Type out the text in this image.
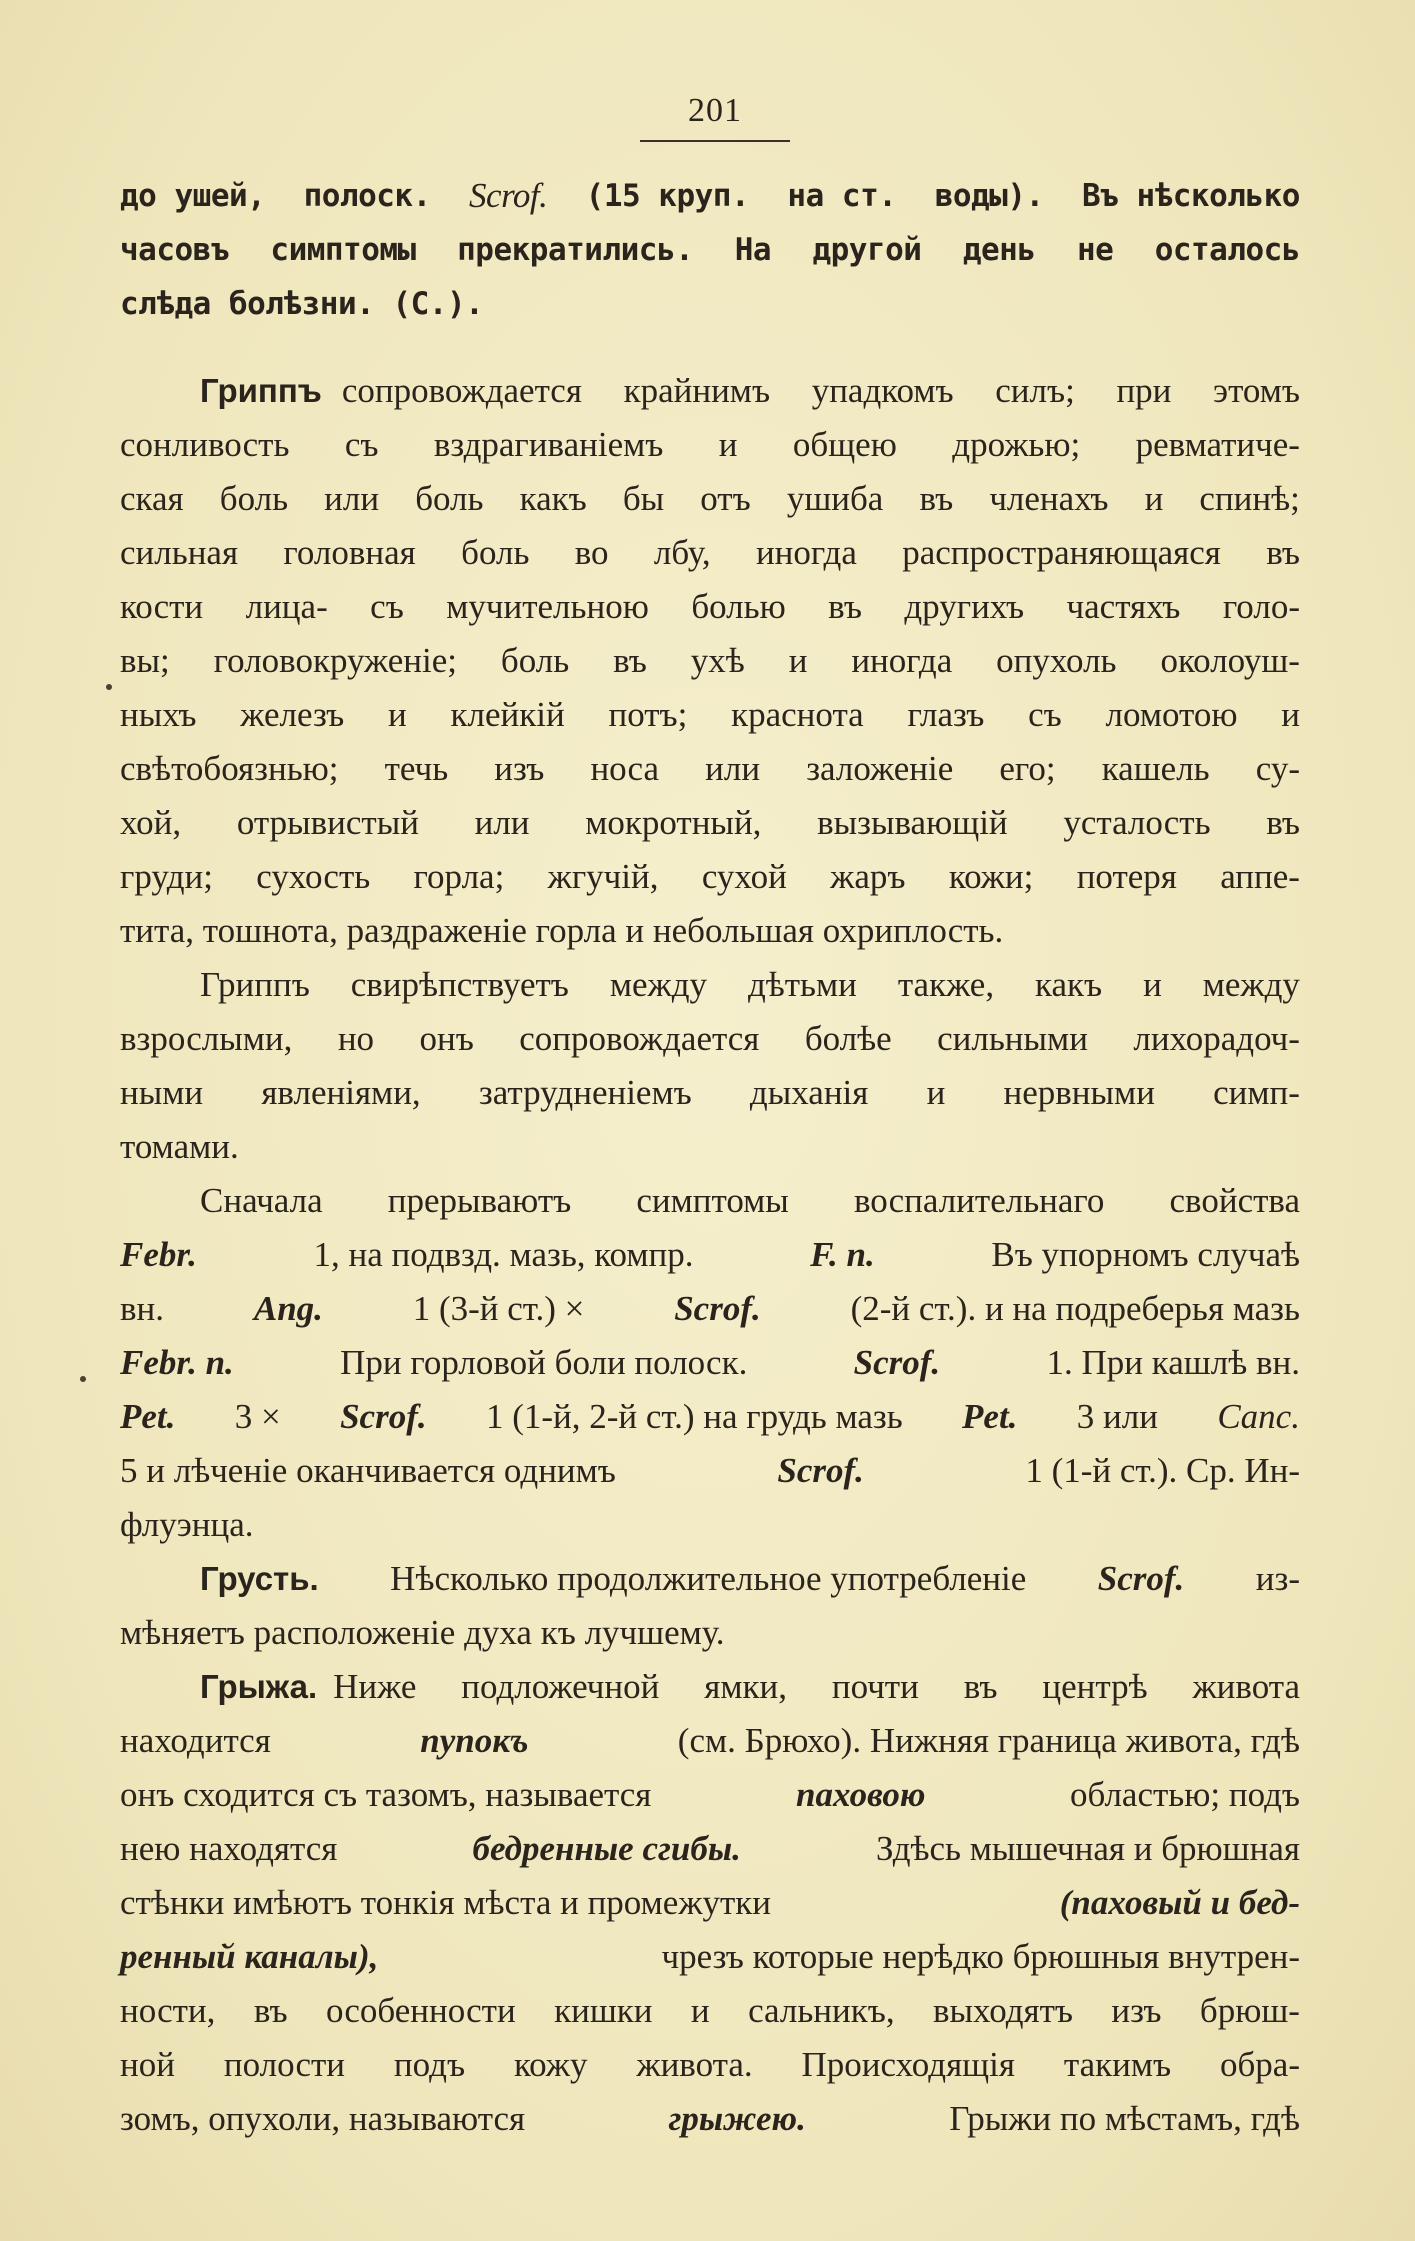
201
до ушей, полоск. Scrof. (15 круп. на ст. воды). Въ нѣсколько
часовъ симптомы прекратились. На другой день не осталось
слѣда болѣзни. (С.).
Гриппъ сопровождается крайнимъ упадкомъ силъ; при этомъ
сонливость съ вздрагиваніемъ и общею дрожью; ревматиче-
ская боль или боль какъ бы отъ ушиба въ членахъ и спинѣ;
сильная головная боль во лбу, иногда распространяющаяся въ
кости лица- съ мучительною болью въ другихъ частяхъ голо-
вы; головокруженіе; боль въ ухѣ и иногда опухоль околоуш-
ныхъ железъ и клейкій потъ; краснота глазъ съ ломотою и
свѣтобоязнью; течь изъ носа или заложеніе его; кашель су-
хой, отрывистый или мокротный, вызывающій усталость въ
груди; сухость горла; жгучій, сухой жаръ кожи; потеря аппе-
тита, тошнота, раздраженіе горла и небольшая охриплость.
Гриппъ свирѣпствуетъ между дѣтьми также, какъ и между
взрослыми, но онъ сопровождается болѣе сильными лихорадоч-
ными явленіями, затрудненіемъ дыханія и нервными симп-
томами.
Сначала прерываютъ симптомы воспалительнаго свойства
Febr.	1, на подвзд. мазь, компр.	F. n.	Въ упорномъ случаѣ
вн.	Ang.	1 (3-й ст.) ×	Scrof.	(2-й ст.). и на подреберья мазь
Febr. n.	При горловой боли полоск.	Scrof.	1. При кашлѣ вн.
Pet. 3 × Scrof. 1 (1-й, 2-й ст.) на грудь мазь Pet. 3 или Canc.
5 и лѣченіе оканчивается однимъ	Scrof.	1 (1-й ст.). Ср. Ин-
флуэнца.
Грусть. Нѣсколько продолжительное употребленіе Scrof. из-
мѣняетъ расположеніе духа къ лучшему.
Грыжа. Ниже подложечной ямки, почти въ центрѣ живота
находится	пупокъ	(см. Брюхо). Нижняя граница живота, гдѣ
онъ сходится съ тазомъ, называется	паховою	областью; подъ
нею находятся	бедренные сгибы.	Здѣсь мышечная и брюшная
стѣнки имѣютъ тонкія мѣста и промежутки	(паховый и бед-
ренный каналы),	чрезъ которые нерѣдко брюшныя внутрен-
ности, въ особенности кишки и сальникъ, выходятъ изъ брюш-
ной полости подъ кожу живота. Происходящія такимъ обра-
зомъ, опухоли, называются	грыжею.	Грыжи по мѣстамъ, гдѣ
